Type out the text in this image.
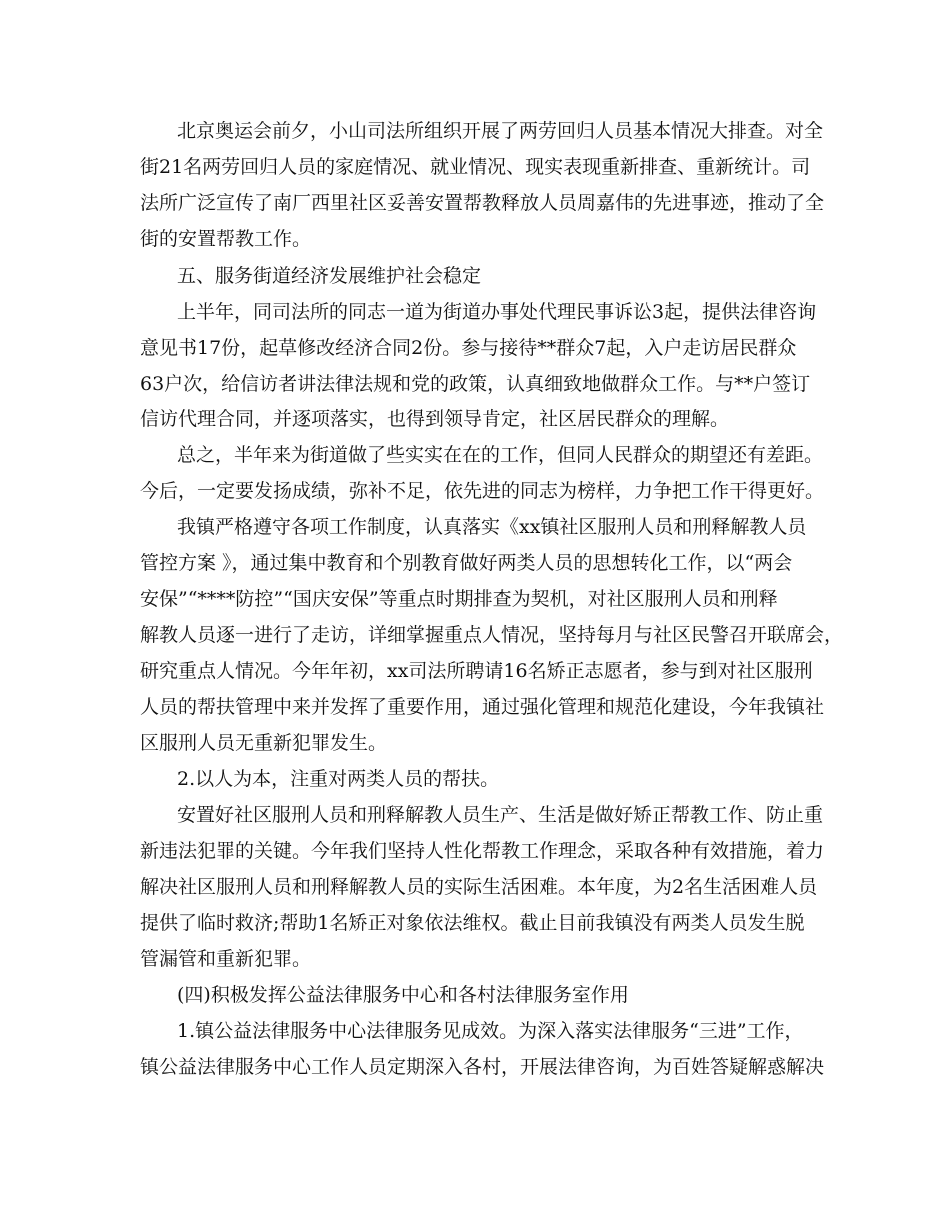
北京奥运会前夕，小山司法所组织开展了两劳回归人员基本情况大排查。对全

街21名两劳回归人员的家庭情况、就业情况、现实表现重新排查、重新统计。司

法所广泛宣传了南厂西里社区妥善安置帮教释放人员周嘉伟的先进事迹，推动了全

街的安置帮教工作。

五、服务街道经济发展维护社会稳定

上半年，同司法所的同志一道为街道办事处代理民事诉讼3起，提供法律咨询

意见书17份，起草修改经济合同2份。参与接待**群众7起，入户走访居民群众

63户次，给信访者讲法律法规和党的政策，认真细致地做群众工作。与**户签订

信访代理合同，并逐项落实，也得到领导肯定，社区居民群众的理解。

总之，半年来为街道做了些实实在在的工作，但同人民群众的期望还有差距。

今后，一定要发扬成绩，弥补不足，依先进的同志为榜样，力争把工作干得更好。

我镇严格遵守各项工作制度，认真落实《xx镇社区服刑人员和刑释解教人员

管控方案 》，通过集中教育和个别教育做好两类人员的思想转化工作，以“两会

安保”“****防控”“国庆安保”等重点时期排查为契机，对社区服刑人员和刑释

解教人员逐一进行了走访，详细掌握重点人情况，坚持每月与社区民警召开联席会，

研究重点人情况。今年年初，xx司法所聘请16名矫正志愿者，参与到对社区服刑

人员的帮扶管理中来并发挥了重要作用，通过强化管理和规范化建设，今年我镇社

区服刑人员无重新犯罪发生。

2.以人为本，注重对两类人员的帮扶。

安置好社区服刑人员和刑释解教人员生产、生活是做好矫正帮教工作、防止重

新违法犯罪的关键。今年我们坚持人性化帮教工作理念，采取各种有效措施，着力

解决社区服刑人员和刑释解教人员的实际生活困难。本年度，为2名生活困难人员

提供了临时救济;帮助1名矫正对象依法维权。截止目前我镇没有两类人员发生脱

管漏管和重新犯罪。

(四)积极发挥公益法律服务中心和各村法律服务室作用

1.镇公益法律服务中心法律服务见成效。为深入落实法律服务“三进”工作，

镇公益法律服务中心工作人员定期深入各村，开展法律咨询，为百姓答疑解惑解决
